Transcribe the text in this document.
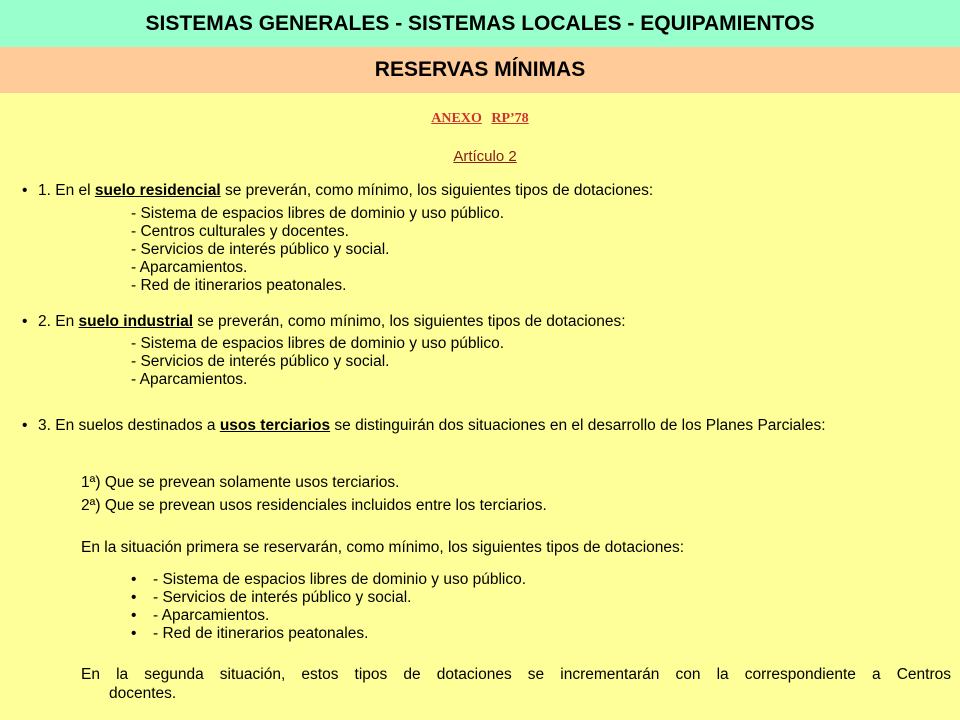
SISTEMAS GENERALES - SISTEMAS LOCALES - EQUIPAMIENTOS
RESERVAS MÍNIMAS
ANEXO RP’78
Artículo 2
• 1. En el suelo residencial se preverán, como mínimo, los siguientes tipos de dotaciones:
- Sistema de espacios libres de dominio y uso público.
- Centros culturales y docentes.
- Servicios de interés público y social.
- Aparcamientos.
- Red de itinerarios peatonales.
• 2. En suelo industrial se preverán, como mínimo, los siguientes tipos de dotaciones:
- Sistema de espacios libres de dominio y uso público.
- Servicios de interés público y social.
- Aparcamientos.
• 3. En suelos destinados a usos terciarios se distinguirán dos situaciones en el desarrollo de los Planes Parciales:
1ª) Que se prevean solamente usos terciarios.
2ª) Que se prevean usos residenciales incluidos entre los terciarios.
En la situación primera se reservarán, como mínimo, los siguientes tipos de dotaciones:
• - Sistema de espacios libres de dominio y uso público.
• - Servicios de interés público y social.
• - Aparcamientos.
• - Red de itinerarios peatonales.
En la segunda situación, estos tipos de dotaciones se incrementarán con la correspondiente a Centros
docentes.
